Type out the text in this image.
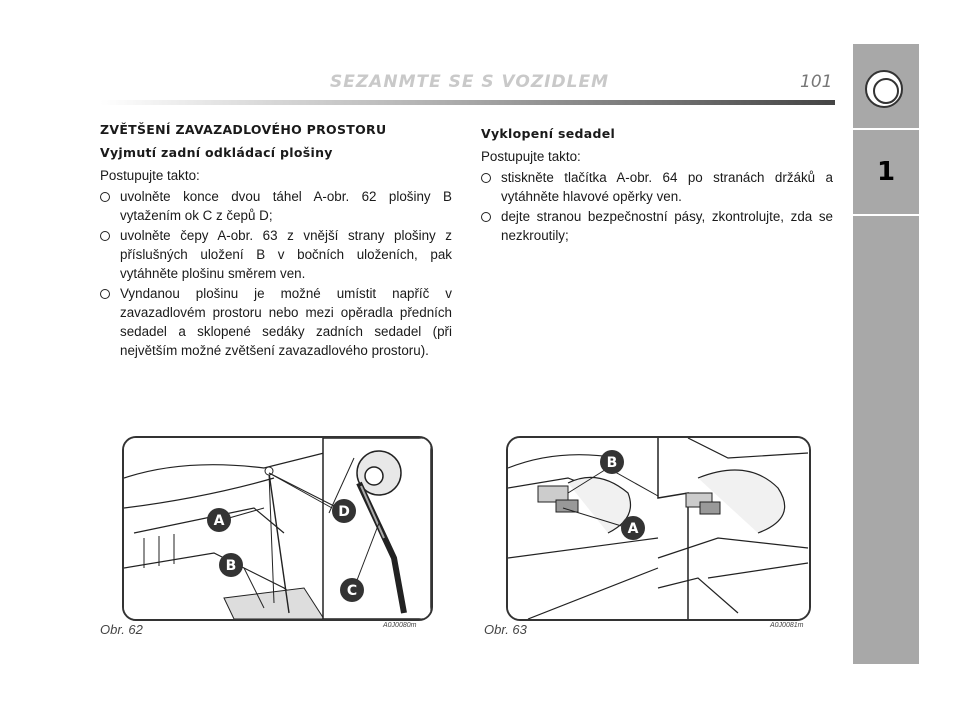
SEZANMTE SE S VOZIDLEM	101
1
ZVĚTŠENÍ ZAVAZADLOVÉHO PROSTORU
Vyjmutí zadní odkládací plošiny
Postupujte takto:
uvolněte konce dvou táhel A-obr. 62 plošiny B vytažením ok C z čepů D;
uvolněte čepy A-obr. 63 z vnější strany plošiny z příslušných uložení B v bočních uloženích, pak vytáhněte plošinu směrem ven.
Vyndanou plošinu je možné umístit napříč v zavazadlovém prostoru nebo mezi opěradla předních sedadel a sklopené sedáky zadních sedadel (při největším možné zvětšení zavazadlového prostoru).
Vyklopení sedadel
Postupujte takto:
stiskněte tlačítka A-obr. 64 po stranách držáků a vytáhněte hlavové opěrky ven.
dejte stranou bezpečnostní pásy, zkontrolujte, zda se nezkroutily;
A
B
D
C
Obr. 62	A0J0080m
B
A
Obr. 63	A0J0081m
